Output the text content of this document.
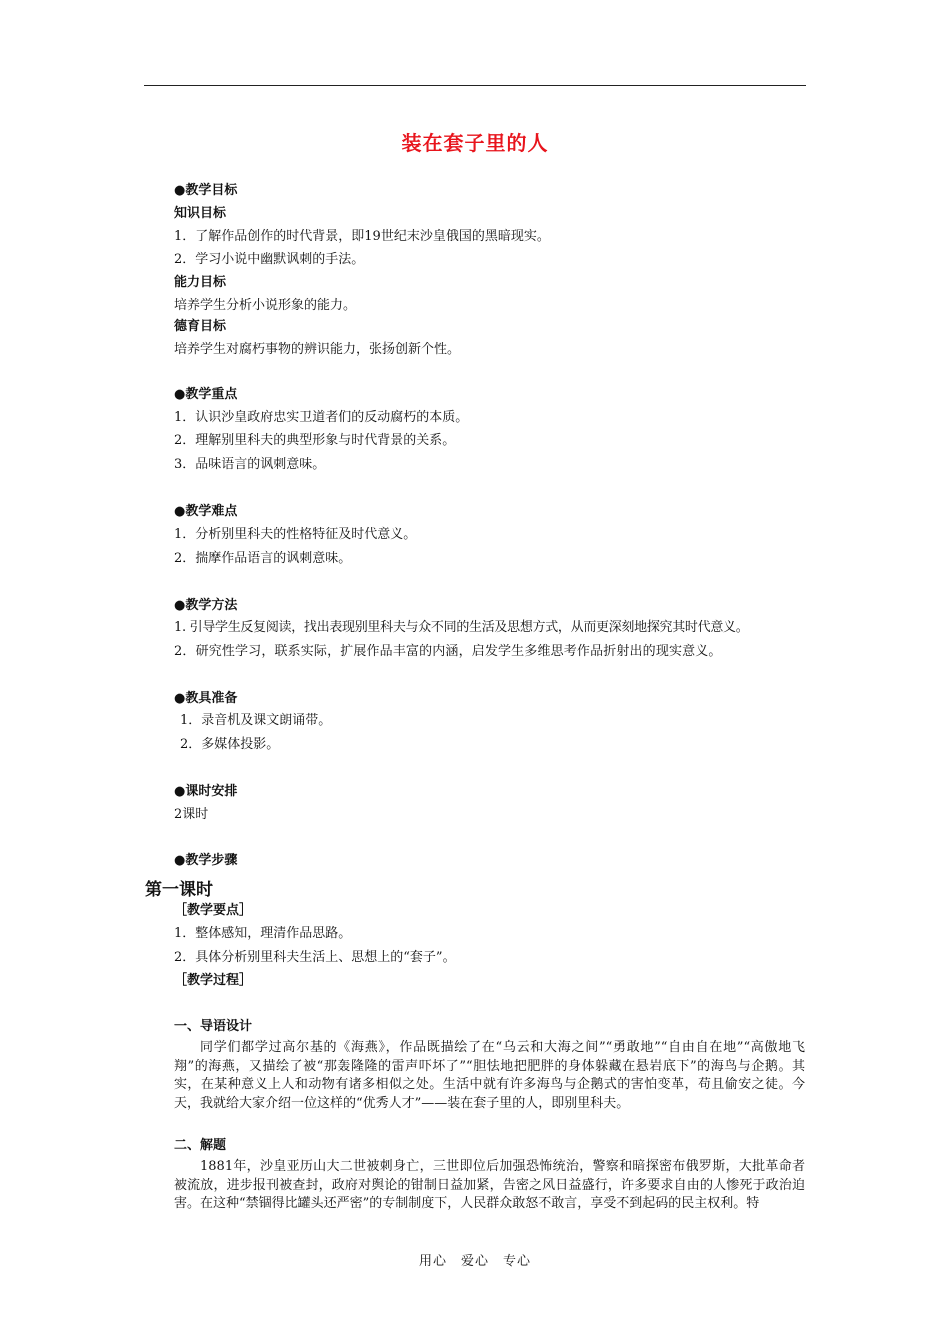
装在套子里的人
●教学目标
知识目标
1．了解作品创作的时代背景，即19世纪末沙皇俄国的黑暗现实。
2．学习小说中幽默讽刺的手法。
能力目标
培养学生分析小说形象的能力。
德育目标
培养学生对腐朽事物的辨识能力，张扬创新个性。
●教学重点
1．认识沙皇政府忠实卫道者们的反动腐朽的本质。
2．理解别里科夫的典型形象与时代背景的关系。
3．品味语言的讽刺意味。
●教学难点
1．分析别里科夫的性格特征及时代意义。
2．揣摩作品语言的讽刺意味。
●教学方法
1. 引导学生反复阅读，找出表现别里科夫与众不同的生活及思想方式，从而更深刻地探究其时代意义。
2．研究性学习，联系实际，扩展作品丰富的内涵，启发学生多维思考作品折射出的现实意义。
●教具准备
1．录音机及课文朗诵带。
2．多媒体投影。
●课时安排
2课时
●教学步骤
第一课时
［教学要点］
1．整体感知，理清作品思路。
2．具体分析别里科夫生活上、思想上的“套子”。
［教学过程］
一、导语设计
同学们都学过高尔基的《海燕》，作品既描绘了在“乌云和大海之间”“勇敢地”“自由自在地”“高傲地飞翔”的海燕，又描绘了被“那轰隆隆的雷声吓坏了”“胆怯地把肥胖的身体躲藏在悬岩底下”的海鸟与企鹅。其实，在某种意义上人和动物有诸多相似之处。生活中就有许多海鸟与企鹅式的害怕变革，苟且偷安之徒。今天，我就给大家介绍一位这样的“优秀人才”——装在套子里的人，即别里科夫。
二、解题
1881年，沙皇亚历山大二世被刺身亡，三世即位后加强恐怖统治，警察和暗探密布俄罗斯，大批革命者被流放，进步报刊被查封，政府对舆论的钳制日益加紧，告密之风日益盛行，许多要求自由的人惨死于政治迫害。在这种“禁锢得比罐头还严密”的专制制度下，人民群众敢怒不敢言，享受不到起码的民主权利。特
用心　爱心　专心
